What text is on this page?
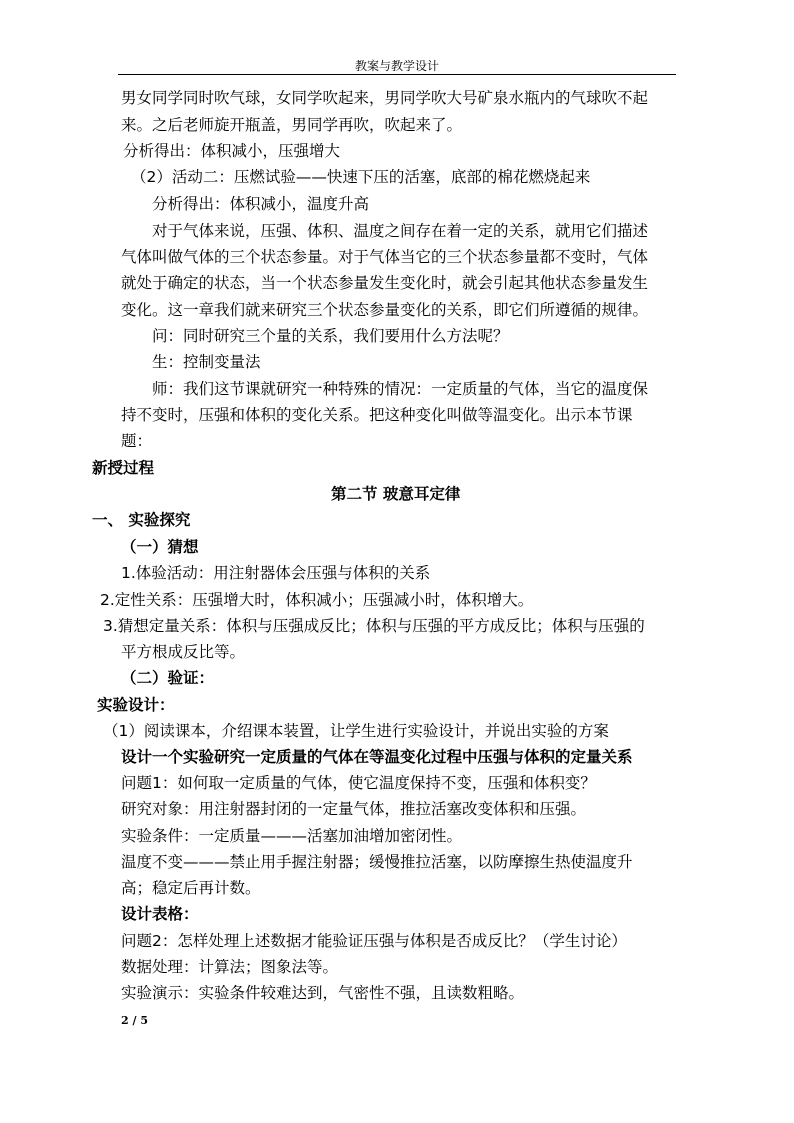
教案与教学设计
男女同学同时吹气球，女同学吹起来，男同学吹大号矿泉水瓶内的气球吹不起
来。之后老师旋开瓶盖，男同学再吹，吹起来了。
分析得出：体积减小，压强增大
（2）活动二：压燃试验——快速下压的活塞，底部的棉花燃烧起来
分析得出：体积减小，温度升高
对于气体来说，压强、体积、温度之间存在着一定的关系，就用它们描述
气体叫做气体的三个状态参量。对于气体当它的三个状态参量都不变时，气体
就处于确定的状态，当一个状态参量发生变化时，就会引起其他状态参量发生
变化。这一章我们就来研究三个状态参量变化的关系，即它们所遵循的规律。
问：同时研究三个量的关系，我们要用什么方法呢？
生：控制变量法
师：我们这节课就研究一种特殊的情况：一定质量的气体，当它的温度保
持不变时，压强和体积的变化关系。把这种变化叫做等温变化。出示本节课
题：
新授过程
第二节 玻意耳定律
一、 实验探究
（一）猜想
1.体验活动：用注射器体会压强与体积的关系
2.定性关系：压强增大时，体积减小；压强减小时，体积增大。
3.猜想定量关系：体积与压强成反比；体积与压强的平方成反比；体积与压强的
平方根成反比等。
（二）验证：
实验设计：
（1）阅读课本，介绍课本装置，让学生进行实验设计，并说出实验的方案
设计一个实验研究一定质量的气体在等温变化过程中压强与体积的定量关系
问题1：如何取一定质量的气体，使它温度保持不变，压强和体积变？
研究对象：用注射器封闭的一定量气体，推拉活塞改变体积和压强。
实验条件：一定质量———活塞加油增加密闭性。
温度不变———禁止用手握注射器；缓慢推拉活塞，以防摩擦生热使温度升
高；稳定后再计数。
设计表格：
问题2：怎样处理上述数据才能验证压强与体积是否成反比？（学生讨论）
数据处理：计算法；图象法等。
实验演示：实验条件较难达到，气密性不强，且读数粗略。
2 / 5
